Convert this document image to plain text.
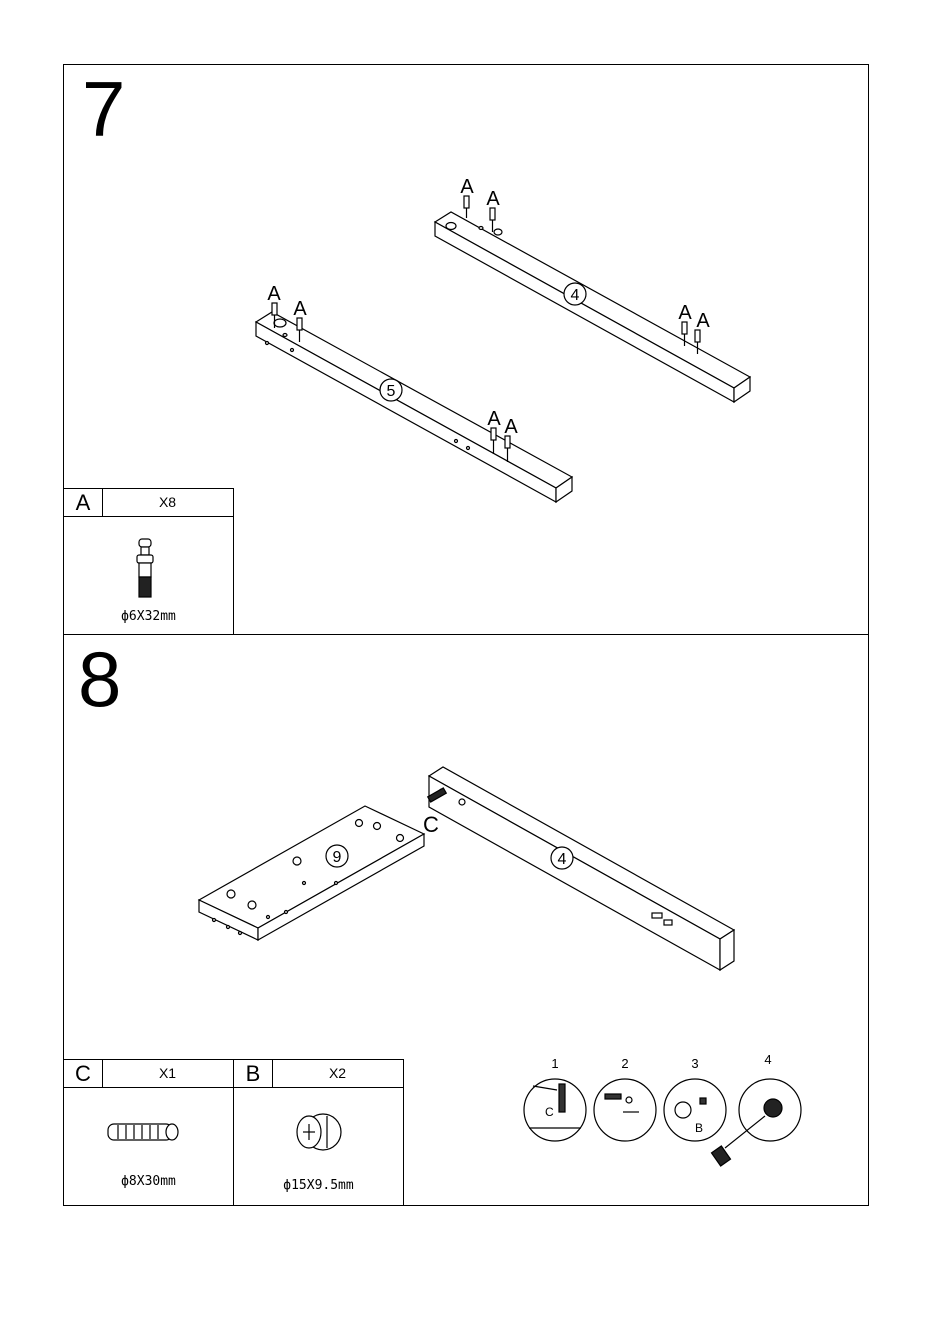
7
8
4
5
A
A
A A
A
A
A A
A	X8
ф6X32mm
9	4
C
C	X1
ф8X30mm
B	X2
ф15X9.5mm
1	2	3	4
C
B
